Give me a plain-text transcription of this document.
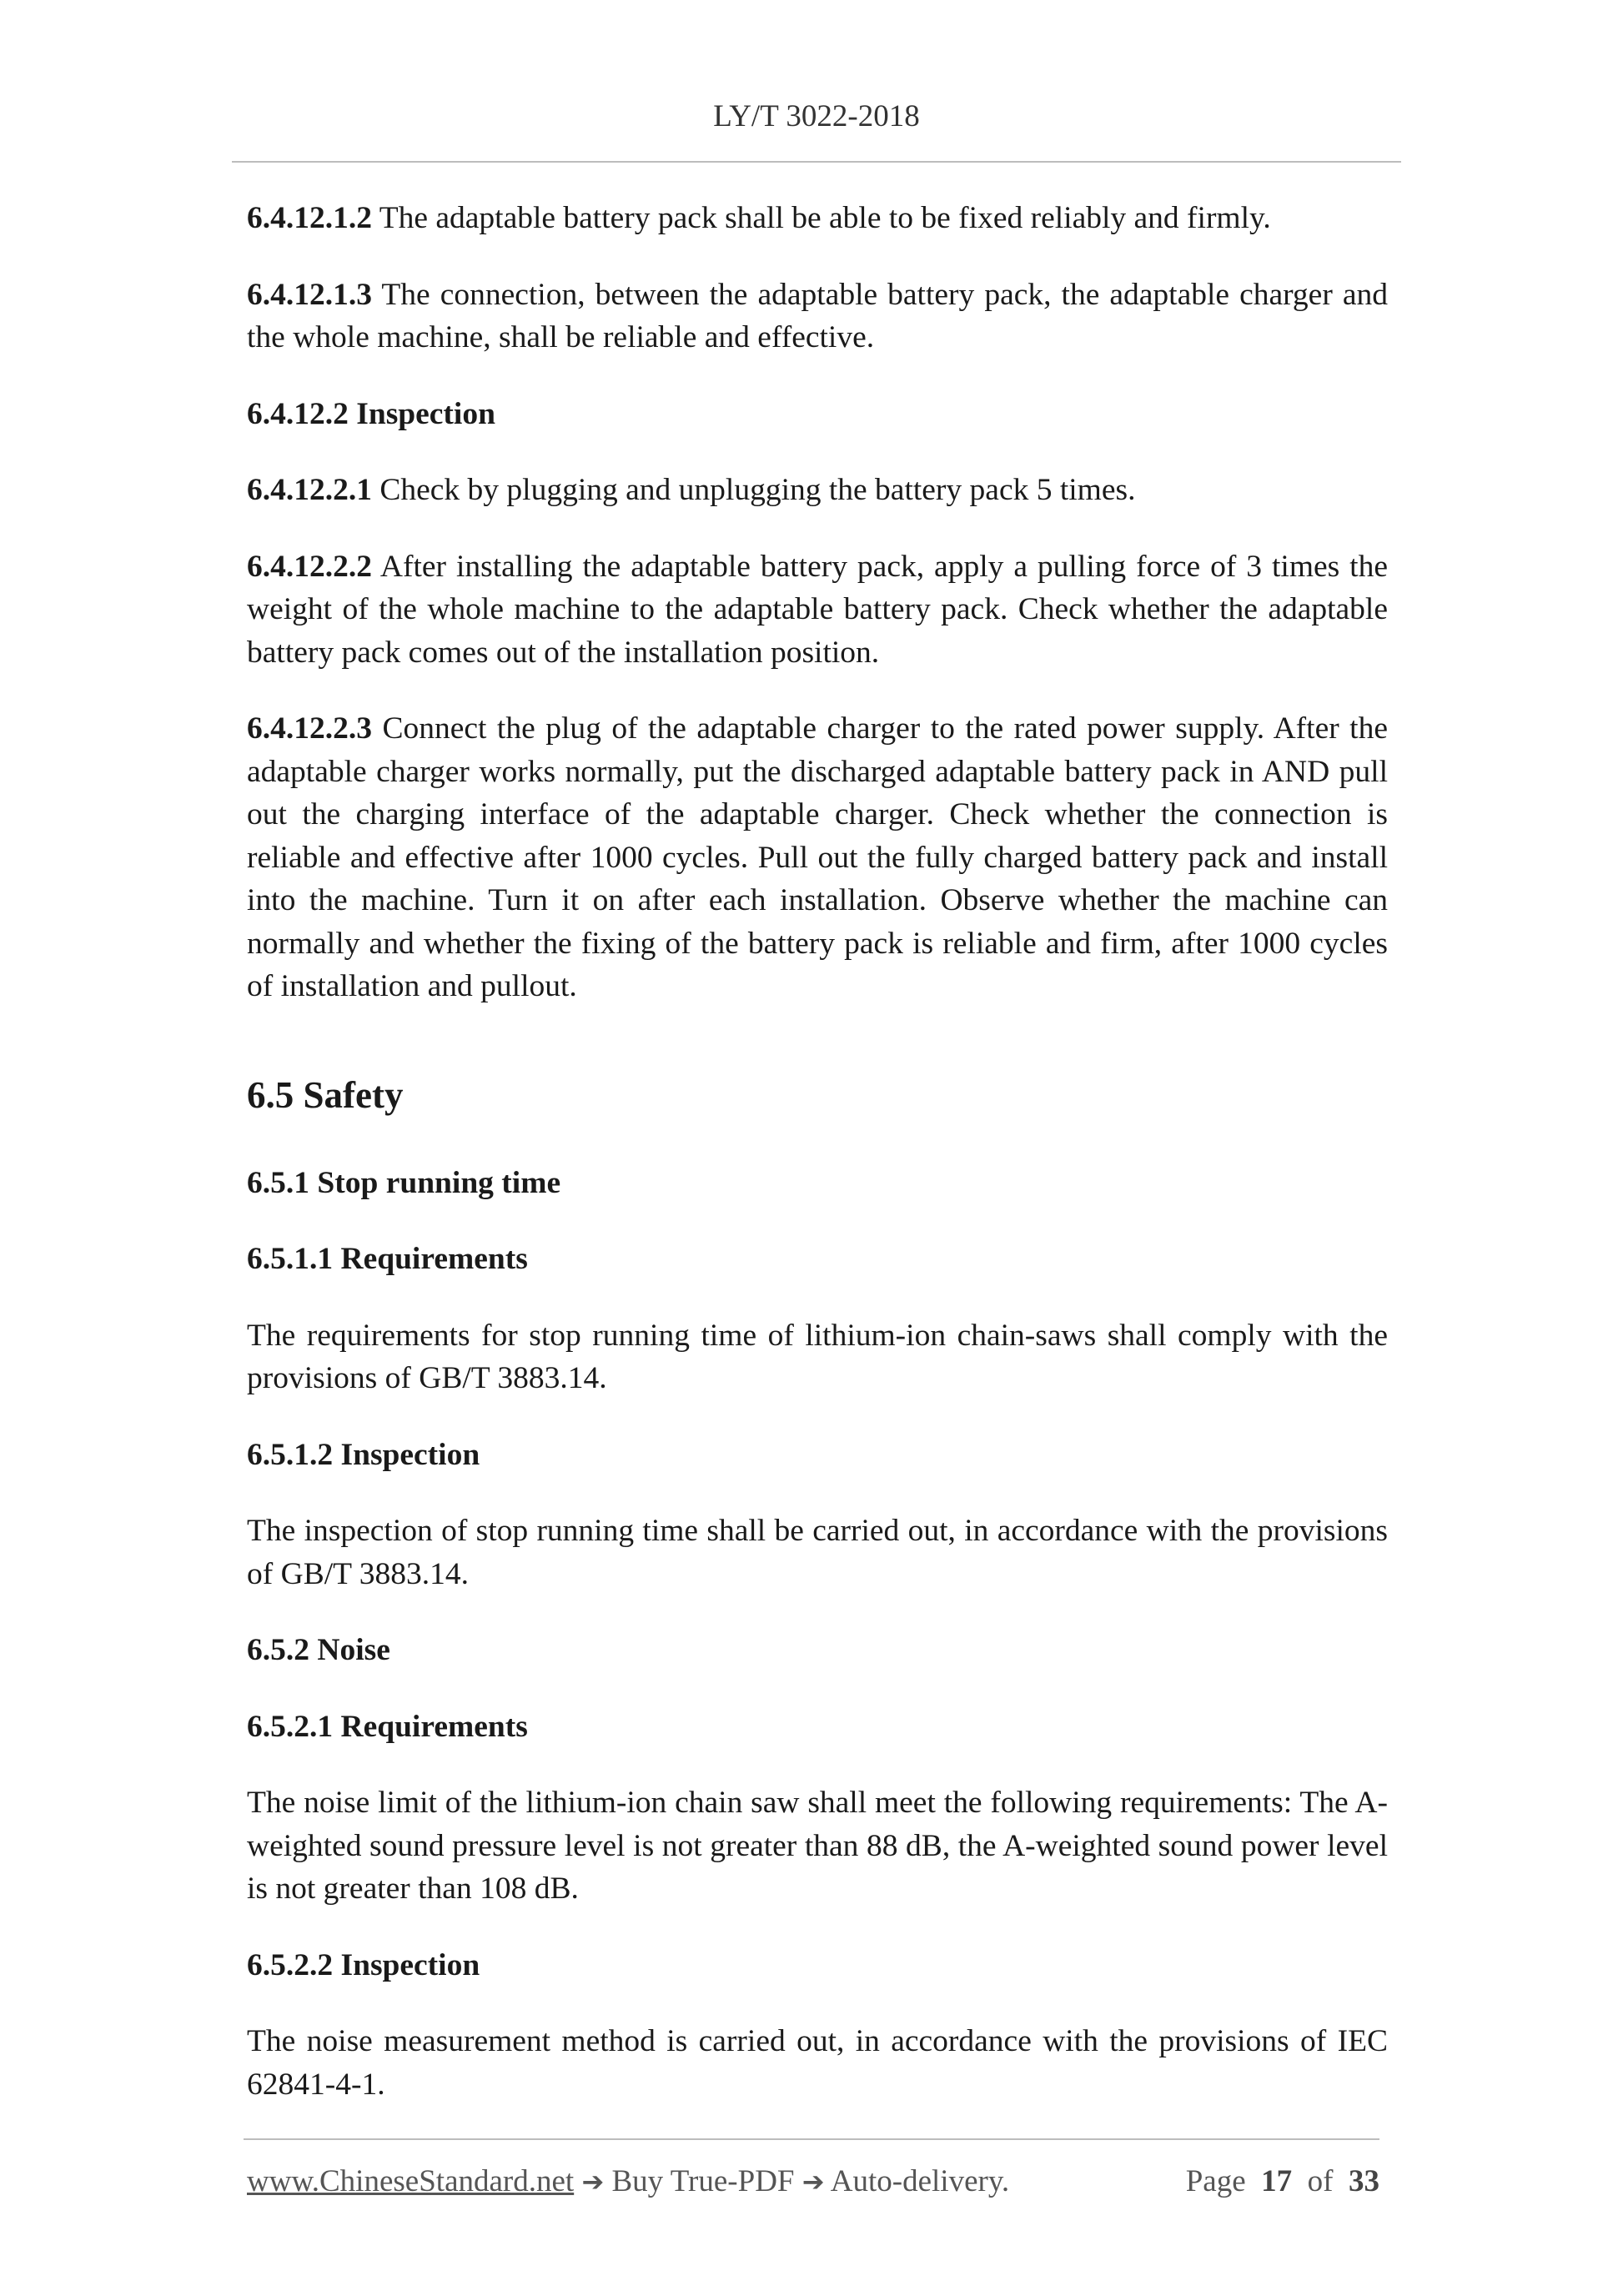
LY/T 3022-2018
6.4.12.1.2 The adaptable battery pack shall be able to be fixed reliably and firmly.
6.4.12.1.3 The connection, between the adaptable battery pack, the adaptable charger and the whole machine, shall be reliable and effective.
6.4.12.2 Inspection
6.4.12.2.1 Check by plugging and unplugging the battery pack 5 times.
6.4.12.2.2 After installing the adaptable battery pack, apply a pulling force of 3 times the weight of the whole machine to the adaptable battery pack. Check whether the adaptable battery pack comes out of the installation position.
6.4.12.2.3 Connect the plug of the adaptable charger to the rated power supply. After the adaptable charger works normally, put the discharged adaptable battery pack in AND pull out the charging interface of the adaptable charger. Check whether the connection is reliable and effective after 1000 cycles. Pull out the fully charged battery pack and install into the machine. Turn it on after each installation. Observe whether the machine can normally and whether the fixing of the battery pack is reliable and firm, after 1000 cycles of installation and pullout.
6.5 Safety
6.5.1 Stop running time
6.5.1.1 Requirements
The requirements for stop running time of lithium-ion chain-saws shall comply with the provisions of GB/T 3883.14.
6.5.1.2 Inspection
The inspection of stop running time shall be carried out, in accordance with the provisions of GB/T 3883.14.
6.5.2 Noise
6.5.2.1 Requirements
The noise limit of the lithium-ion chain saw shall meet the following requirements: The A-weighted sound pressure level is not greater than 88 dB, the A-weighted sound power level is not greater than 108 dB.
6.5.2.2 Inspection
The noise measurement method is carried out, in accordance with the provisions of IEC 62841-4-1.
www.ChineseStandard.net ➔ Buy True-PDF ➔ Auto-delivery.	Page 17 of 33
